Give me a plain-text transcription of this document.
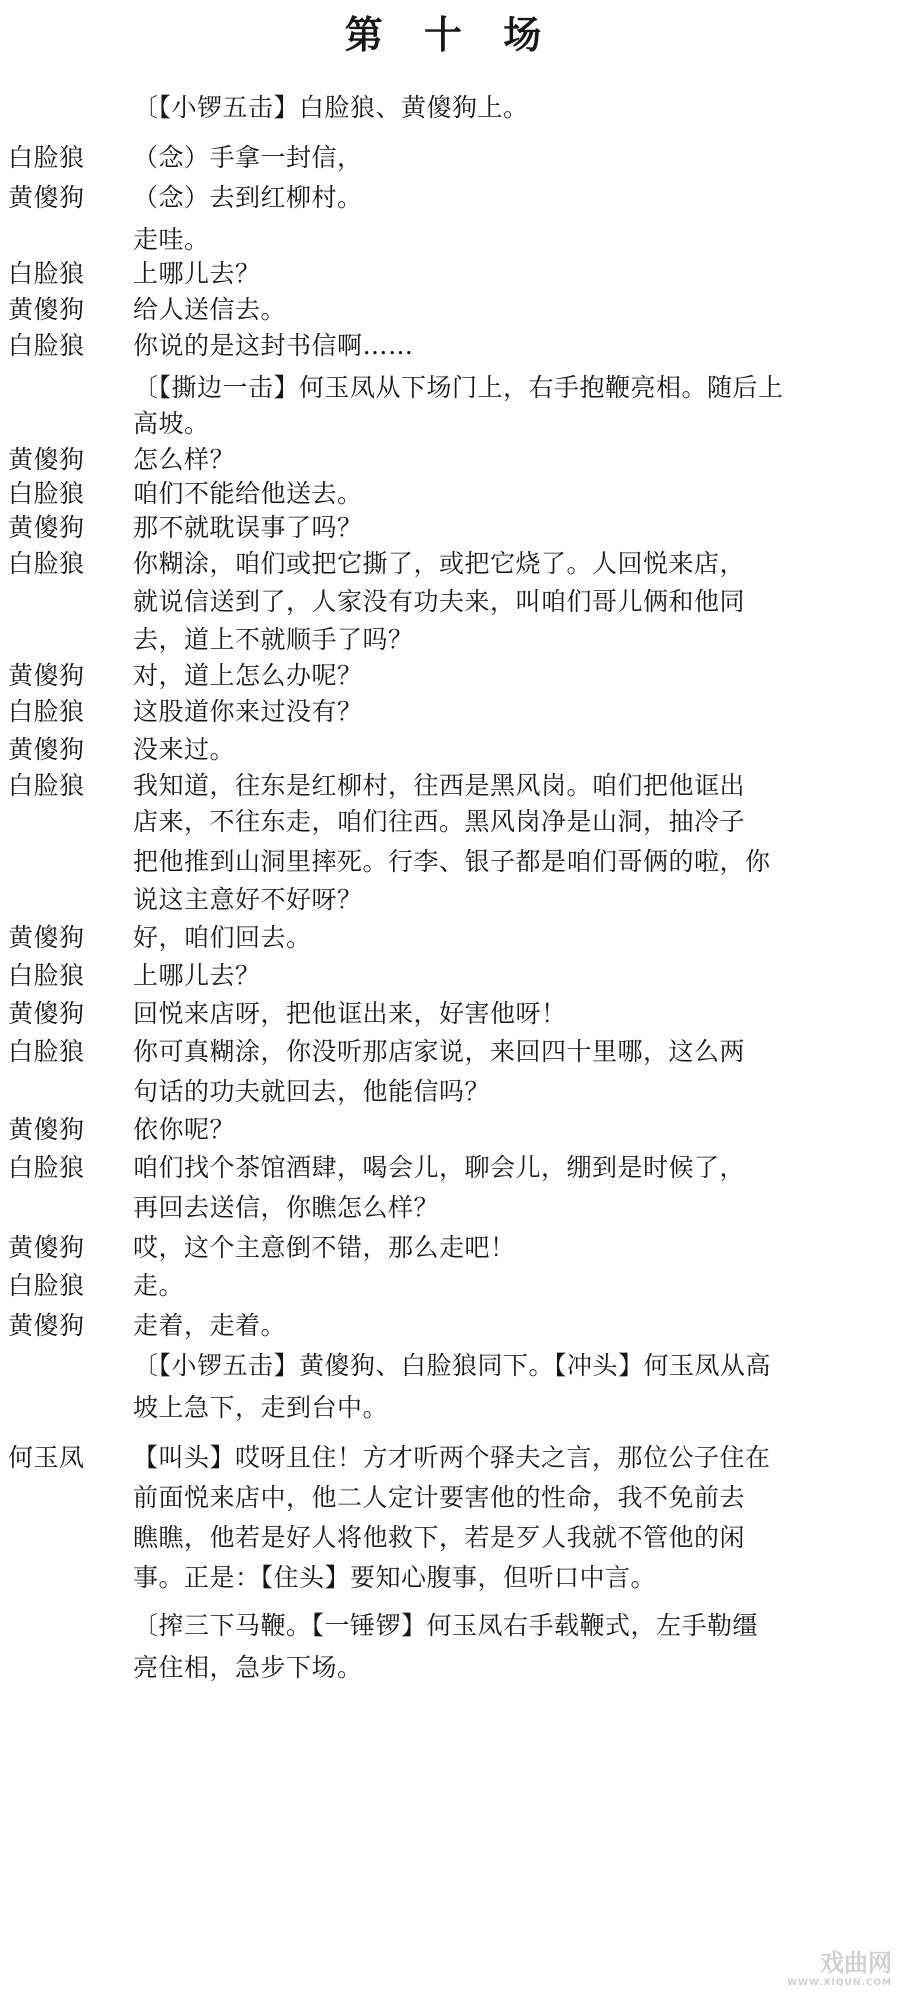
第 十 场
〔【小锣五击】白脸狼、黄傻狗上。
白脸狼	（念）手拿一封信，
黄傻狗	（念）去到红柳村。
走哇。
白脸狼	上哪儿去？
黄傻狗	给人送信去。
白脸狼	你说的是这封书信啊……
〔【撕边一击】何玉凤从下场门上，右手抱鞭亮相。随后上
高坡。
黄傻狗	怎么样？
白脸狼	咱们不能给他送去。
黄傻狗	那不就耽误事了吗？
白脸狼	你糊涂，咱们或把它撕了，或把它烧了。人回悦来店，
就说信送到了，人家没有功夫来，叫咱们哥儿俩和他同
去，道上不就顺手了吗？
黄傻狗	对，道上怎么办呢？
白脸狼	这股道你来过没有？
黄傻狗	没来过。
白脸狼	我知道，往东是红柳村，往西是黑风岗。咱们把他诓出
店来，不往东走，咱们往西。黑风岗净是山洞，抽冷子
把他推到山洞里摔死。行李、银子都是咱们哥俩的啦，你
说这主意好不好呀？
黄傻狗	好，咱们回去。
白脸狼	上哪儿去？
黄傻狗	回悦来店呀，把他诓出来，好害他呀！
白脸狼	你可真糊涂，你没听那店家说，来回四十里哪，这么两
句话的功夫就回去，他能信吗？
黄傻狗	依你呢？
白脸狼	咱们找个茶馆酒肆，喝会儿，聊会儿，绷到是时候了，
再回去送信，你瞧怎么样？
黄傻狗	哎，这个主意倒不错，那么走吧！
白脸狼	走。
黄傻狗	走着，走着。
〔【小锣五击】黄傻狗、白脸狼同下。【冲头】何玉凤从高
坡上急下，走到台中。
何玉凤	【叫头】哎呀且住！方才听两个驿夫之言，那位公子住在
前面悦来店中，他二人定计要害他的性命，我不免前去
瞧瞧，他若是好人将他救下，若是歹人我就不管他的闲
事。正是：【住头】要知心腹事，但听口中言。
〔搾三下马鞭。【一锤锣】何玉凤右手载鞭式，左手勒缰
亮住相，急步下场。
戏曲网
WWW.XIQUN.COM
